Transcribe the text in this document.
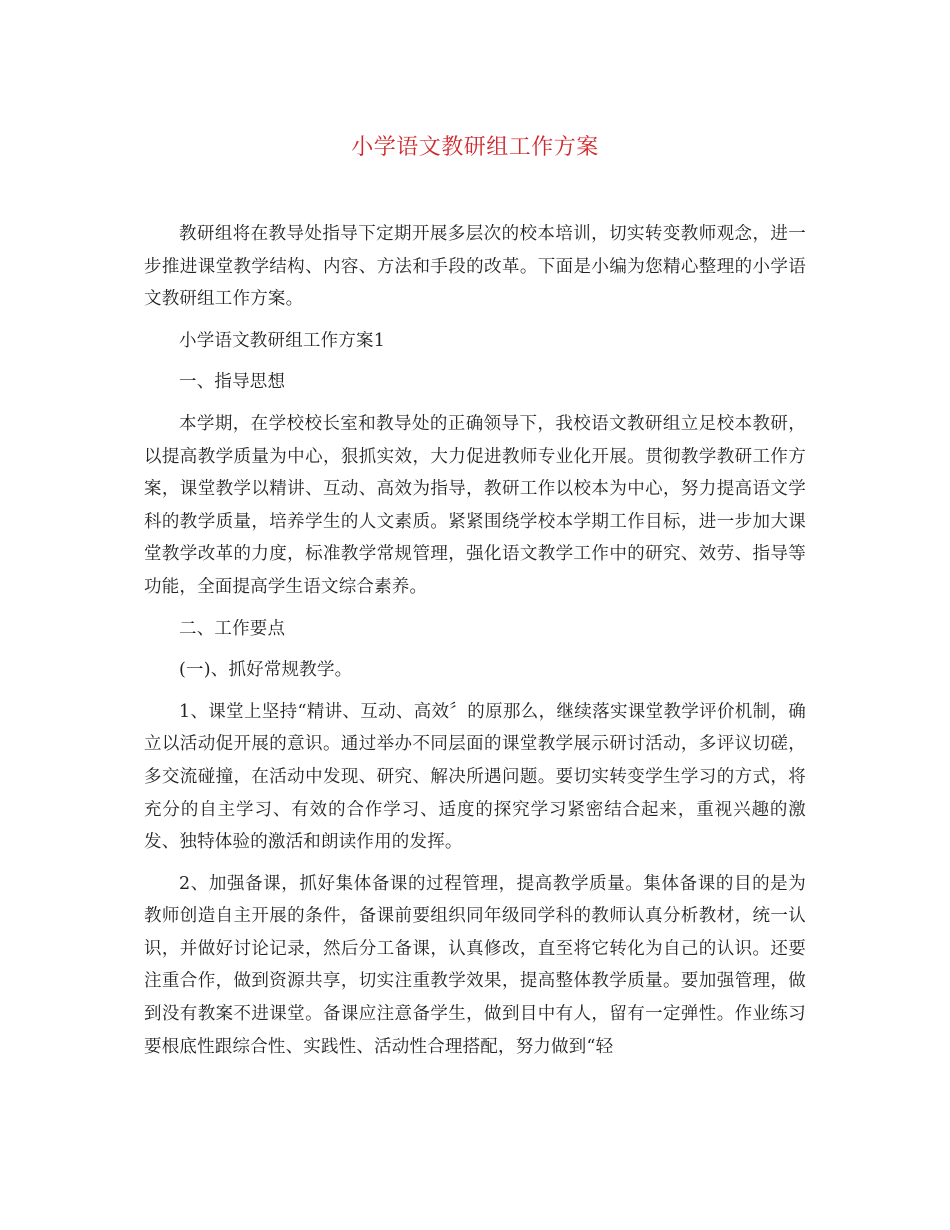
小学语文教研组工作方案

教研组将在教导处指导下定期开展多层次的校本培训，切实转变教师观念，进一步推进课堂教学结构、内容、方法和手段的改革。下面是小编为您精心整理的小学语文教研组工作方案。

小学语文教研组工作方案1

一、指导思想

本学期，在学校校长室和教导处的正确领导下，我校语文教研组立足校本教研，以提高教学质量为中心，狠抓实效，大力促进教师专业化开展。贯彻教学教研工作方案，课堂教学以精讲、互动、高效为指导，教研工作以校本为中心，努力提高语文学科的教学质量，培养学生的人文素质。紧紧围绕学校本学期工作目标，进一步加大课堂教学改革的力度，标准教学常规管理，强化语文教学工作中的研究、效劳、指导等功能，全面提高学生语文综合素养。

二、工作要点

(一)、抓好常规教学。

1、课堂上坚持“精讲、互动、高效〞的原那么，继续落实课堂教学评价机制，确立以活动促开展的意识。通过举办不同层面的课堂教学展示研讨活动，多评议切磋，多交流碰撞，在活动中发现、研究、解决所遇问题。要切实转变学生学习的方式，将充分的自主学习、有效的合作学习、适度的探究学习紧密结合起来，重视兴趣的激发、独特体验的激活和朗读作用的发挥。

2、加强备课，抓好集体备课的过程管理，提高教学质量。集体备课的目的是为教师创造自主开展的条件，备课前要组织同年级同学科的教师认真分析教材，统一认识，并做好讨论记录，然后分工备课，认真修改，直至将它转化为自己的认识。还要注重合作，做到资源共享，切实注重教学效果，提高整体教学质量。要加强管理，做到没有教案不进课堂。备课应注意备学生，做到目中有人，留有一定弹性。作业练习要根底性跟综合性、实践性、活动性合理搭配，努力做到“轻
